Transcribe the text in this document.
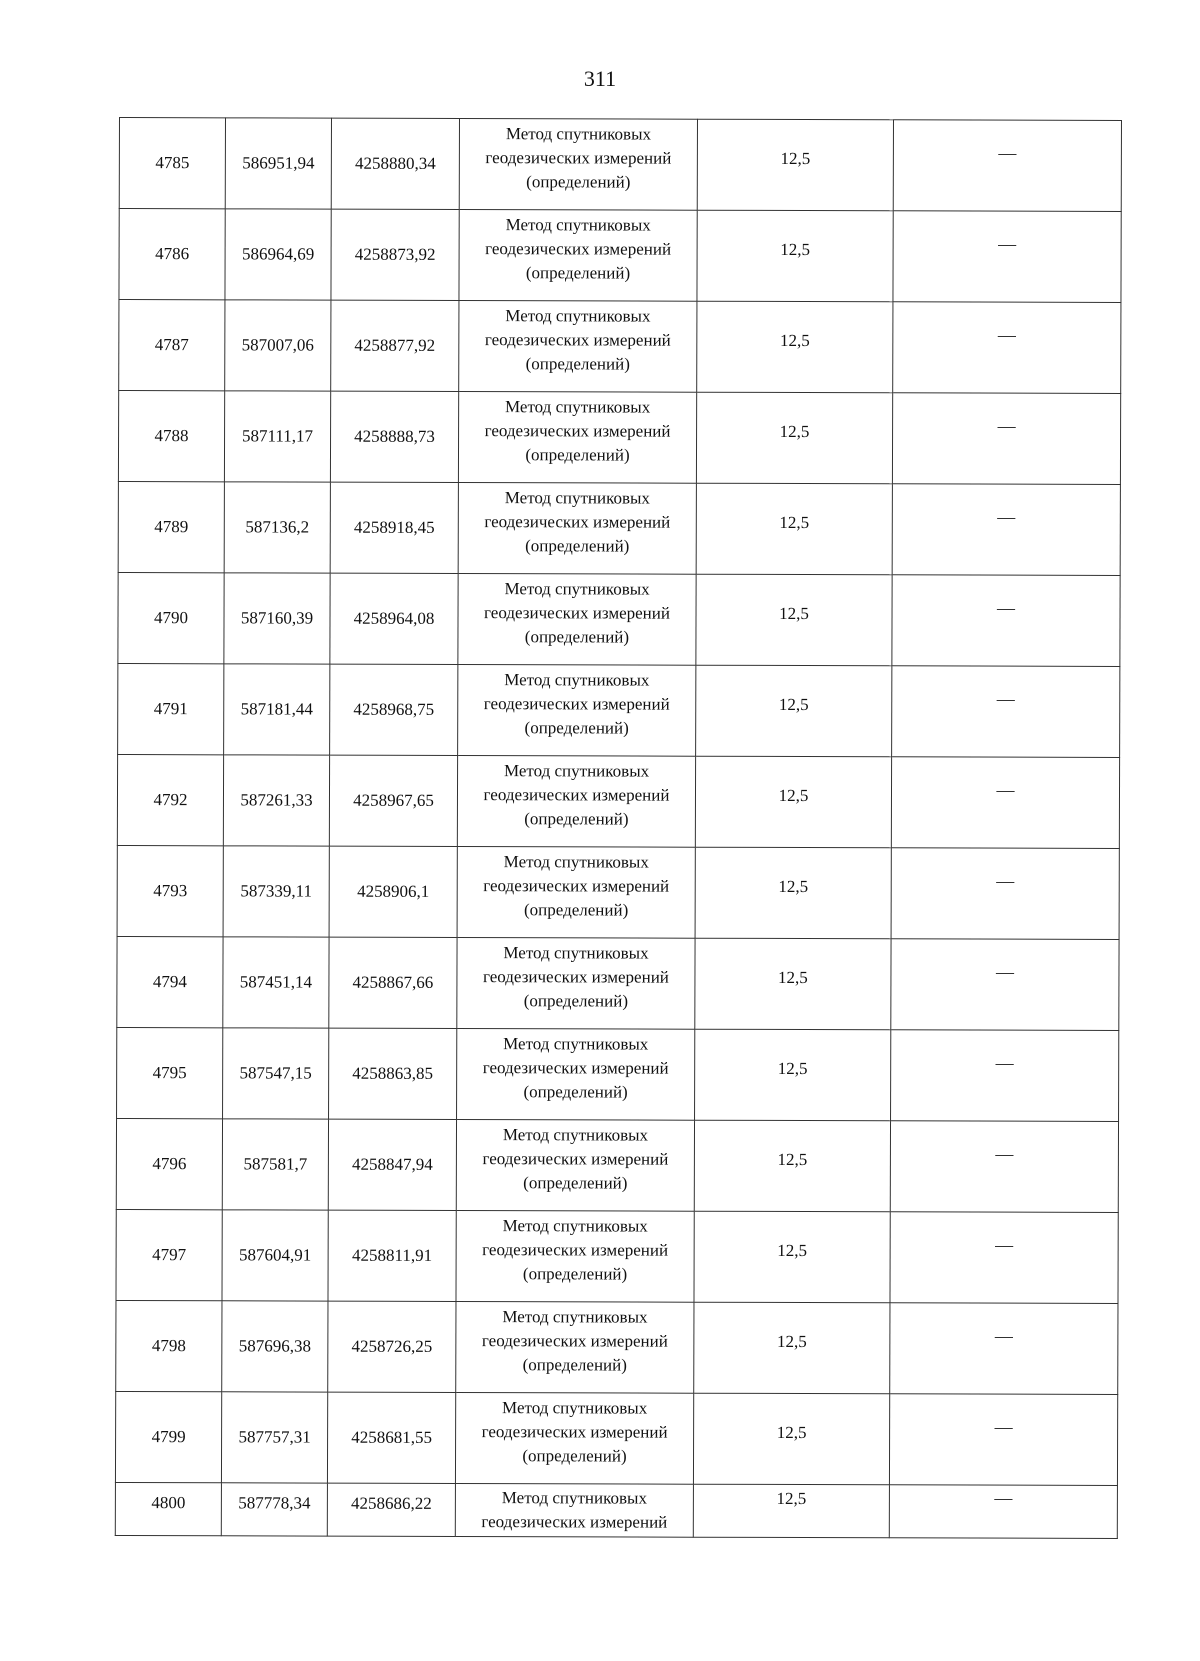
311
4785	586951,94	4258880,34	Метод спутниковых геодезических измерений (определений)	12,5	—
4786	586964,69	4258873,92	Метод спутниковых геодезических измерений (определений)	12,5	—
4787	587007,06	4258877,92	Метод спутниковых геодезических измерений (определений)	12,5	—
4788	587111,17	4258888,73	Метод спутниковых геодезических измерений (определений)	12,5	—
4789	587136,2	4258918,45	Метод спутниковых геодезических измерений (определений)	12,5	—
4790	587160,39	4258964,08	Метод спутниковых геодезических измерений (определений)	12,5	—
4791	587181,44	4258968,75	Метод спутниковых геодезических измерений (определений)	12,5	—
4792	587261,33	4258967,65	Метод спутниковых геодезических измерений (определений)	12,5	—
4793	587339,11	4258906,1	Метод спутниковых геодезических измерений (определений)	12,5	—
4794	587451,14	4258867,66	Метод спутниковых геодезических измерений (определений)	12,5	—
4795	587547,15	4258863,85	Метод спутниковых геодезических измерений (определений)	12,5	—
4796	587581,7	4258847,94	Метод спутниковых геодезических измерений (определений)	12,5	—
4797	587604,91	4258811,91	Метод спутниковых геодезических измерений (определений)	12,5	—
4798	587696,38	4258726,25	Метод спутниковых геодезических измерений (определений)	12,5	—
4799	587757,31	4258681,55	Метод спутниковых геодезических измерений (определений)	12,5	—
4800	587778,34	4258686,22	Метод спутниковых геодезических измерений	12,5	—
